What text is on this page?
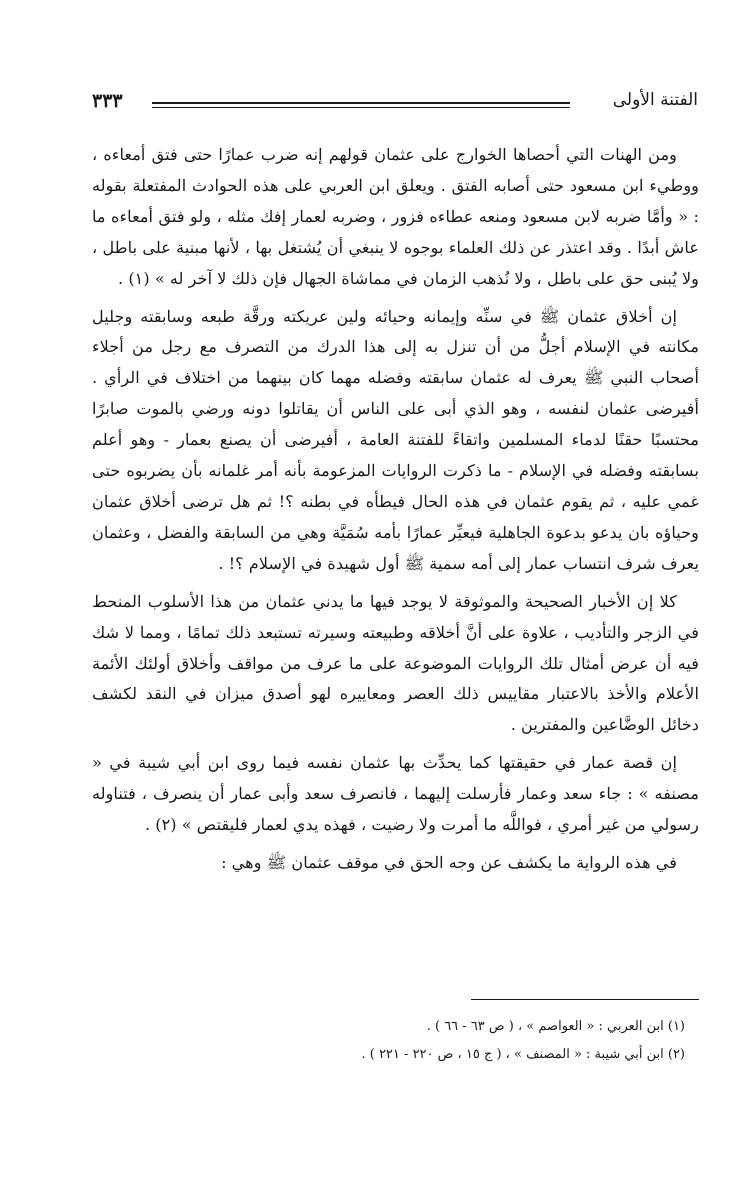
الفتنة الأولى
٣٣٣

ومن الهنات التي أحصاها الخوارج على عثمان قولهم إنه ضرب عمارًا حتى فتق أمعاءه ، ووطيء ابن مسعود حتى أصابه الفتق . ويعلق ابن العربي على هذه الحوادث المفتعلة بقوله : « وأمَّا ضربه لابن مسعود ومنعه عطاءه فزور ، وضربه لعمار إفك مثله ، ولو فتق أمعاءه ما عاش أبدًا . وقد اعتذر عن ذلك العلماء بوجوه لا ينبغي أن يُشتغل بها ، لأنها مبنية على باطل ، ولا يُبنى حق على باطل ، ولا نُذهب الزمان في مماشاة الجهال فإن ذلك لا آخر له » (١) .

إن أخلاق عثمان ﷺ في سنِّه وإيمانه وحيائه ولين عريكته ورقَّة طبعه وسابقته وجليل مكانته في الإسلام أجلُّ من أن تنزل به إلى هذا الدرك من التصرف مع رجل من أجلاء أصحاب النبي ﷺ يعرف له عثمان سابقته وفضله مهما كان بينهما من اختلاف في الرأي . أفيرضى عثمان لنفسه ، وهو الذي أبى على الناس أن يقاتلوا دونه ورضي بالموت صابرًا محتسبًا حقنًا لدماء المسلمين واتقاءً للفتنة العامة ، أفيرضى أن يصنع بعمار - وهو أعلم بسابقته وفضله في الإسلام - ما ذكرت الروايات المزعومة بأنه أمر غلمانه بأن يضربوه حتى غمي عليه ، ثم يقوم عثمان في هذه الحال فيطأه في بطنه ؟! ثم هل ترضى أخلاق عثمان وحياؤه بان يدعو بدعوة الجاهلية فيعيِّر عمارًا بأمه سُمَيَّة وهي من السابقة والفضل ، وعثمان يعرف شرف انتساب عمار إلى أمه سمية ﷺ أول شهيدة في الإسلام ؟! .

كلا إن الأخبار الصحيحة والموثوقة لا يوجد فيها ما يدني عثمان من هذا الأسلوب المنحط في الزجر والتأديب ، علاوة على أنَّ أخلاقه وطبيعته وسيرته تستبعد ذلك تمامًا ، ومما لا شك فيه أن عرض أمثال تلك الروايات الموضوعة على ما عرف من مواقف وأخلاق أولئك الأئمة الأعلام والأخذ بالاعتبار مقاييس ذلك العصر ومعاييره لهو أصدق ميزان في النقد لكشف دخائل الوضَّاعين والمفترين .

إن قصة عمار في حقيقتها كما يحدِّث بها عثمان نفسه فيما روى ابن أبي شيبة في « مصنفه » : جاء سعد وعمار فأرسلت إليهما ، فانصرف سعد وأبى عمار أن ينصرف ، فتناوله رسولي من غير أمري ، فواللَّه ما أمرت ولا رضيت ، فهذه يدي لعمار فليقتص » (٢) .

في هذه الرواية ما يكشف عن وجه الحق في موقف عثمان ﷺ وهي :

(١) ابن العربي : « العواصم » ، ( ص ٦٣ - ٦٦ ) .
(٢) ابن أبي شيبة : « المصنف » ، ( ج ١٥ ، ص ٢٢٠ - ٢٢١ ) .
